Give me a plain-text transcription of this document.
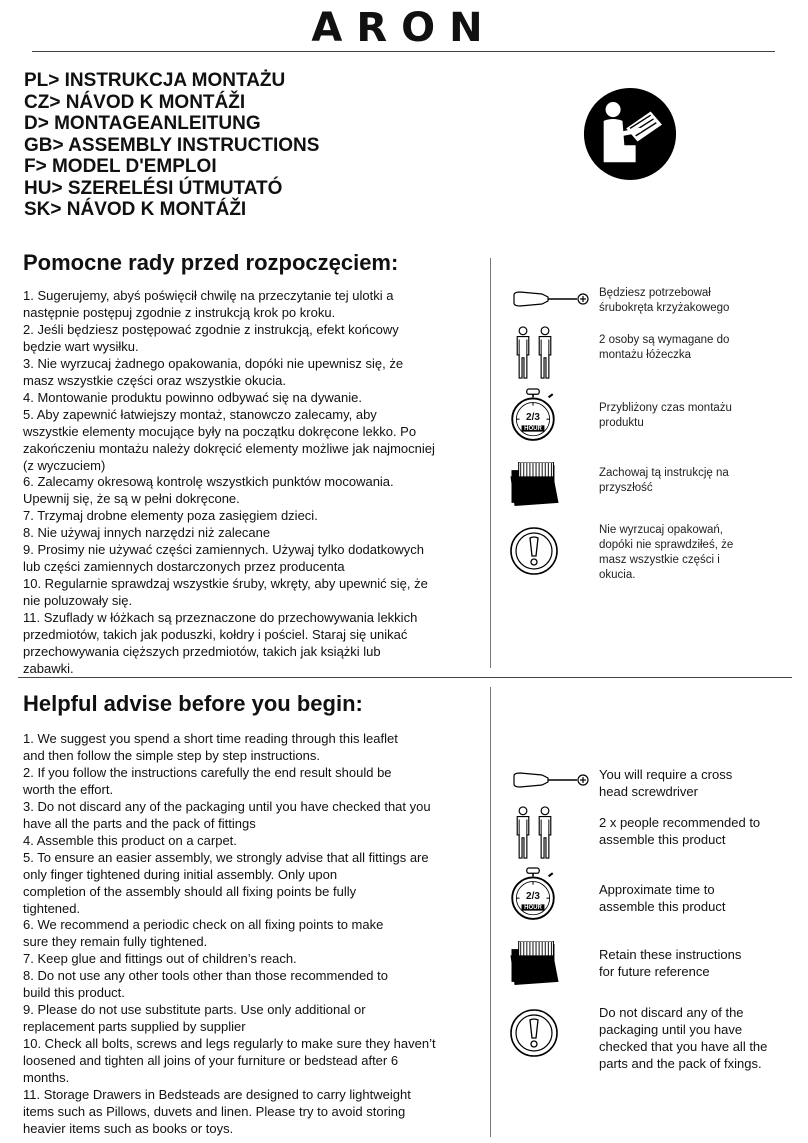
ARON
PL> INSTRUKCJA MONTAŻU
CZ> NÁVOD K MONTÁŽI
D> MONTAGEANLEITUNG
GB> ASSEMBLY INSTRUCTIONS
F> MODEL D'EMPLOI
HU> SZERELÉSI ÚTMUTATÓ
SK> NÁVOD K MONTÁŽI
Pomocne rady przed rozpoczęciem:
1. Sugerujemy, abyś poświęcił chwilę na przeczytanie tej ulotki a
następnie postępuj zgodnie z instrukcją krok po kroku.
2. Jeśli będziesz postępować zgodnie z instrukcją, efekt końcowy
będzie wart wysiłku.
3. Nie wyrzucaj żadnego opakowania, dopóki nie upewnisz się, że
masz wszystkie części oraz wszystkie okucia.
4. Montowanie produktu powinno odbywać się na dywanie.
5. Aby zapewnić łatwiejszy montaż, stanowczo zalecamy, aby
wszystkie elementy mocujące były na początku dokręcone lekko. Po
zakończeniu montażu należy dokręcić elementy możliwe jak najmocniej
(z wyczuciem)
6. Zalecamy okresową kontrolę wszystkich punktów mocowania.
Upewnij się, że są w pełni dokręcone.
7. Trzymaj drobne elementy poza zasięgiem dzieci.
8. Nie używaj innych narzędzi niż zalecane
9. Prosimy nie używać części zamiennych. Używaj tylko dodatkowych
lub części zamiennych dostarczonych przez producenta
10. Regularnie sprawdzaj wszystkie śruby, wkręty, aby upewnić się, że
nie poluzowały się.
11. Szuflady w łóżkach są przeznaczone do przechowywania lekkich
przedmiotów, takich jak poduszki, kołdry i pościel. Staraj się unikać
przechowywania cięższych przedmiotów, takich jak książki lub
zabawki.
Będziesz potrzebował
śrubokręta krzyżakowego
2 osoby są wymagane do
montażu łóżeczka
2/3
HOUR
Przybliżony czas montażu
produktu
Zachowaj tą instrukcję na
przyszłość
Nie wyrzucaj opakowań,
dopóki nie sprawdziłeś, że
masz wszystkie części i
okucia.
Helpful advise before you begin:
1. We suggest you spend a short time reading through this leaflet
and then follow the simple step by step instructions.
2. If you follow the instructions carefully the end result should be
worth the effort.
3. Do not discard any of the packaging until you have checked that you
have all the parts and the pack of fittings
4. Assemble this product on a carpet.
5. To ensure an easier assembly, we strongly advise that all fittings are
only finger tightened during initial assembly. Only upon
completion of the assembly should all fixing points be fully
tightened.
6. We recommend a periodic check on all fixing points to make
sure they remain fully tightened.
7. Keep glue and fittings out of children’s reach.
8. Do not use any other tools other than those recommended to
build this product.
9. Please do not use substitute parts. Use only additional or
replacement parts supplied by supplier
10. Check all bolts, screws and legs regularly to make sure they haven’t
loosened and tighten all joins of your furniture or bedstead after 6
months.
11. Storage Drawers in Bedsteads are designed to carry lightweight
items such as Pillows, duvets and linen. Please try to avoid storing
heavier items such as books or toys.
You will require a cross
head screwdriver
2 x people recommended to
assemble this product
2/3
HOUR
Approximate time to
assemble this product
Retain these instructions
for future reference
Do not discard any of the
packaging until you have
checked that you have all the
parts and the pack of fxings.
